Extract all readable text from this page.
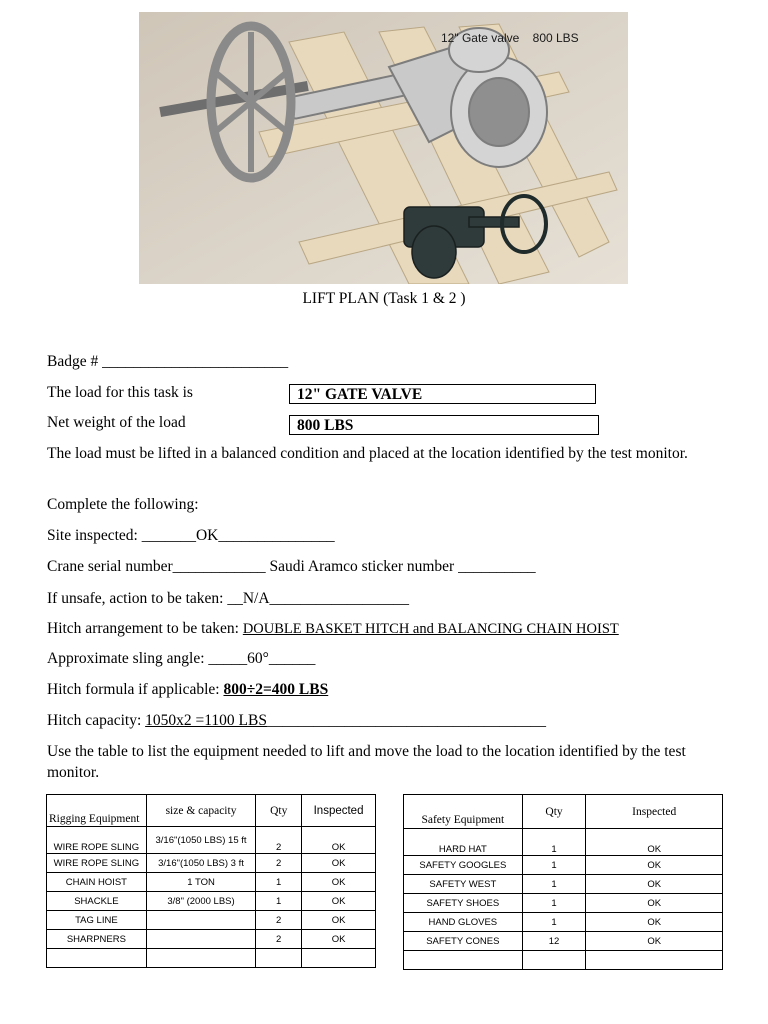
12" Gate valve    800 LBS
LIFT PLAN (Task 1 & 2 )
Badge # ________________________
The load for this task is	12" GATE VALVE
Net weight of the load	800 LBS
The load must be lifted in a balanced condition and placed at the location identified by the test monitor.
Complete the following:
Site inspected: _______OK_______________
Crane serial number____________ Saudi Aramco sticker number __________
If unsafe, action to be taken: __N/A__________________
Hitch arrangement to be taken: DOUBLE BASKET HITCH and BALANCING CHAIN HOIST
Approximate sling angle: _____60°______
Hitch formula if applicable: 800÷2=400 LBS
Hitch capacity: 1050x2 =1100 LBS____________________________________
Use the table to list the equipment needed to lift and move the load to the location identified by the test monitor.
Rigging Equipment	size & capacity	Qty	Inspected
WIRE ROPE SLING	3/16"(1050 LBS) 15 ft	2	OK
WIRE ROPE SLING	3/16"(1050 LBS) 3 ft	2	OK
CHAIN HOIST	1 TON	1	OK
SHACKLE	3/8" (2000 LBS)	1	OK
TAG LINE		2	OK
SHARPNERS		2	OK

Safety Equipment	Qty	Inspected
HARD HAT	1	OK
SAFETY GOOGLES	1	OK
SAFETY WEST	1	OK
SAFETY SHOES	1	OK
HAND GLOVES	1	OK
SAFETY CONES	12	OK
